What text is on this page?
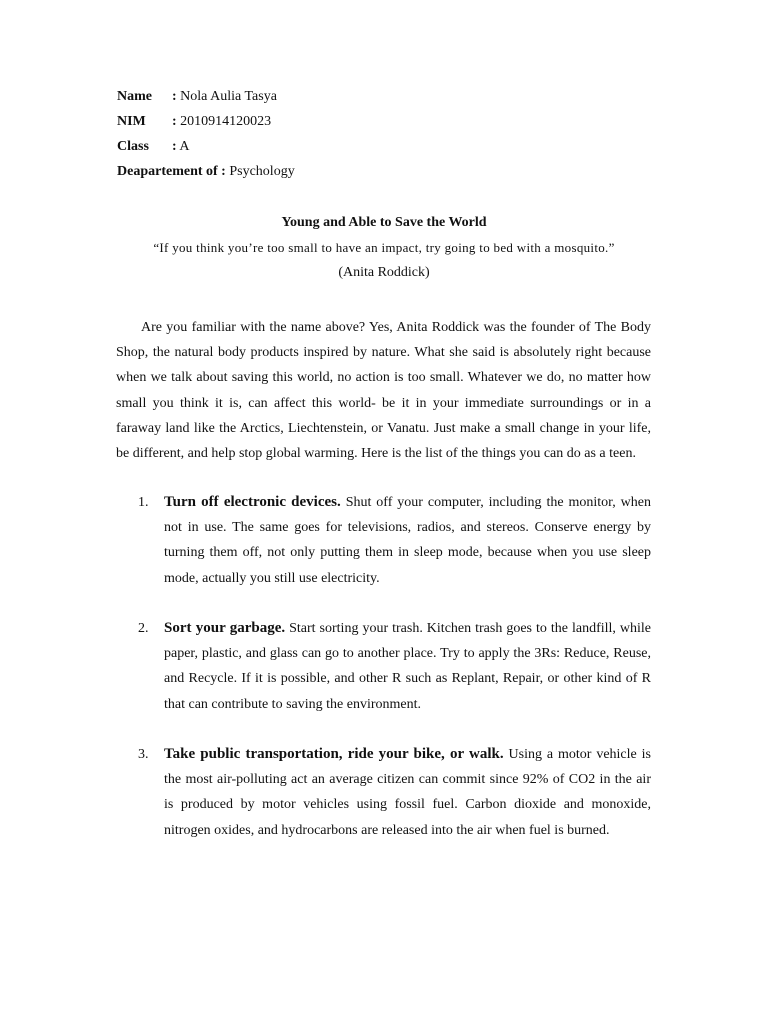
Name : Nola Aulia Tasya
NIM : 2010914120023
Class : A
Deapartement of : Psychology
Young and Able to Save the World
“If you think you’re too small to have an impact, try going to bed with a mosquito.”
(Anita Roddick)

Are you familiar with the name above? Yes, Anita Roddick was the founder of The Body Shop, the natural body products inspired by nature. What she said is absolutely right because when we talk about saving this world, no action is too small. Whatever we do, no matter how small you think it is, can affect this world- be it in your immediate surroundings or in a faraway land like the Arctics, Liechtenstein, or Vanatu. Just make a small change in your life, be different, and help stop global warming. Here is the list of the things you can do as a teen.

1.	Turn off electronic devices. Shut off your computer, including the monitor, when not in use. The same goes for televisions, radios, and stereos. Conserve energy by turning them off, not only putting them in sleep mode, because when you use sleep mode, actually you still use electricity.
2.	Sort your garbage. Start sorting your trash. Kitchen trash goes to the landfill, while paper, plastic, and glass can go to another place. Try to apply the 3Rs: Reduce, Reuse, and Recycle. If it is possible, and other R such as Replant, Repair, or other kind of R that can contribute to saving the environment.
3.	Take public transportation, ride your bike, or walk. Using a motor vehicle is the most air-polluting act an average citizen can commit since 92% of CO2 in the air is produced by motor vehicles using fossil fuel. Carbon dioxide and monoxide, nitrogen oxides, and hydrocarbons are released into the air when fuel is burned.
